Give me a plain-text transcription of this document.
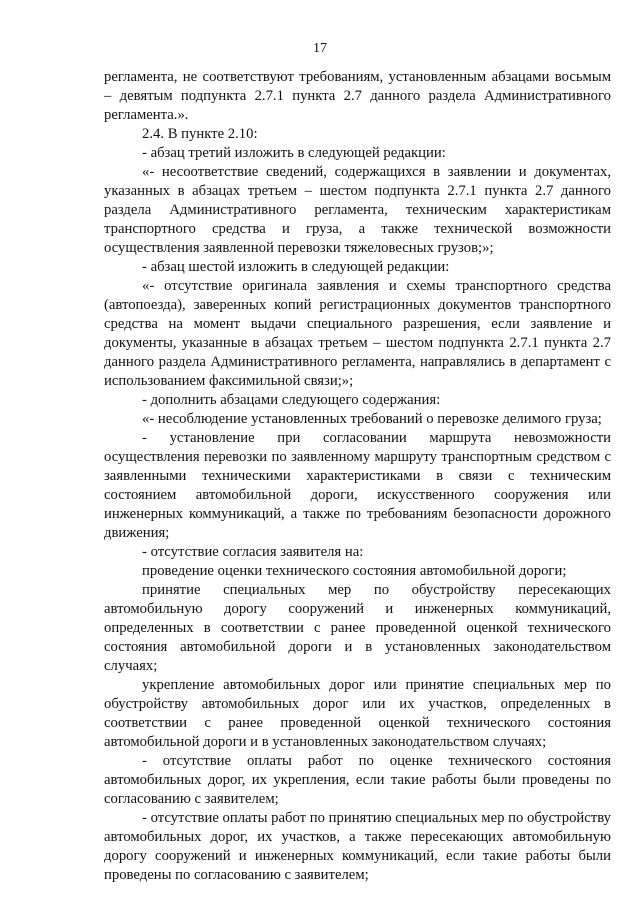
17

регламента, не соответствуют требованиям, установленным абзацами восьмым – девятым подпункта 2.7.1 пункта 2.7 данного раздела Административного регламента.».

2.4. В пункте 2.10:

- абзац третий изложить в следующей редакции:

«- несоответствие сведений, содержащихся в заявлении и документах, указанных в абзацах третьем – шестом подпункта 2.7.1 пункта 2.7 данного раздела Административного регламента, техническим характеристикам транспортного средства и груза, а также технической возможности осуществления заявленной перевозки тяжеловесных грузов;»;

- абзац шестой изложить в следующей редакции:

«- отсутствие оригинала заявления и схемы транспортного средства (автопоезда), заверенных копий регистрационных документов транспортного средства на момент выдачи специального разрешения, если заявление и документы, указанные в абзацах третьем – шестом подпункта 2.7.1 пункта 2.7 данного раздела Административного регламента, направлялись в департамент с использованием факсимильной связи;»;

- дополнить абзацами следующего содержания:

«- несоблюдение установленных требований о перевозке делимого груза;

- установление при согласовании маршрута невозможности осуществления перевозки по заявленному маршруту транспортным средством с заявленными техническими характеристиками в связи с техническим состоянием автомобильной дороги, искусственного сооружения или инженерных коммуникаций, а также по требованиям безопасности дорожного движения;

- отсутствие согласия заявителя на:

проведение оценки технического состояния автомобильной дороги;

принятие специальных мер по обустройству пересекающих автомобильную дорогу сооружений и инженерных коммуникаций, определенных в соответствии с ранее проведенной оценкой технического состояния автомобильной дороги и в установленных законодательством случаях;

укрепление автомобильных дорог или принятие специальных мер по обустройству автомобильных дорог или их участков, определенных в соответствии с ранее проведенной оценкой технического состояния автомобильной дороги и в установленных законодательством случаях;

- отсутствие оплаты работ по оценке технического состояния автомобильных дорог, их укрепления, если такие работы были проведены по согласованию с заявителем;

- отсутствие оплаты работ по принятию специальных мер по обустройству автомобильных дорог, их участков, а также пересекающих автомобильную дорогу сооружений и инженерных коммуникаций, если такие работы были проведены по согласованию с заявителем;
